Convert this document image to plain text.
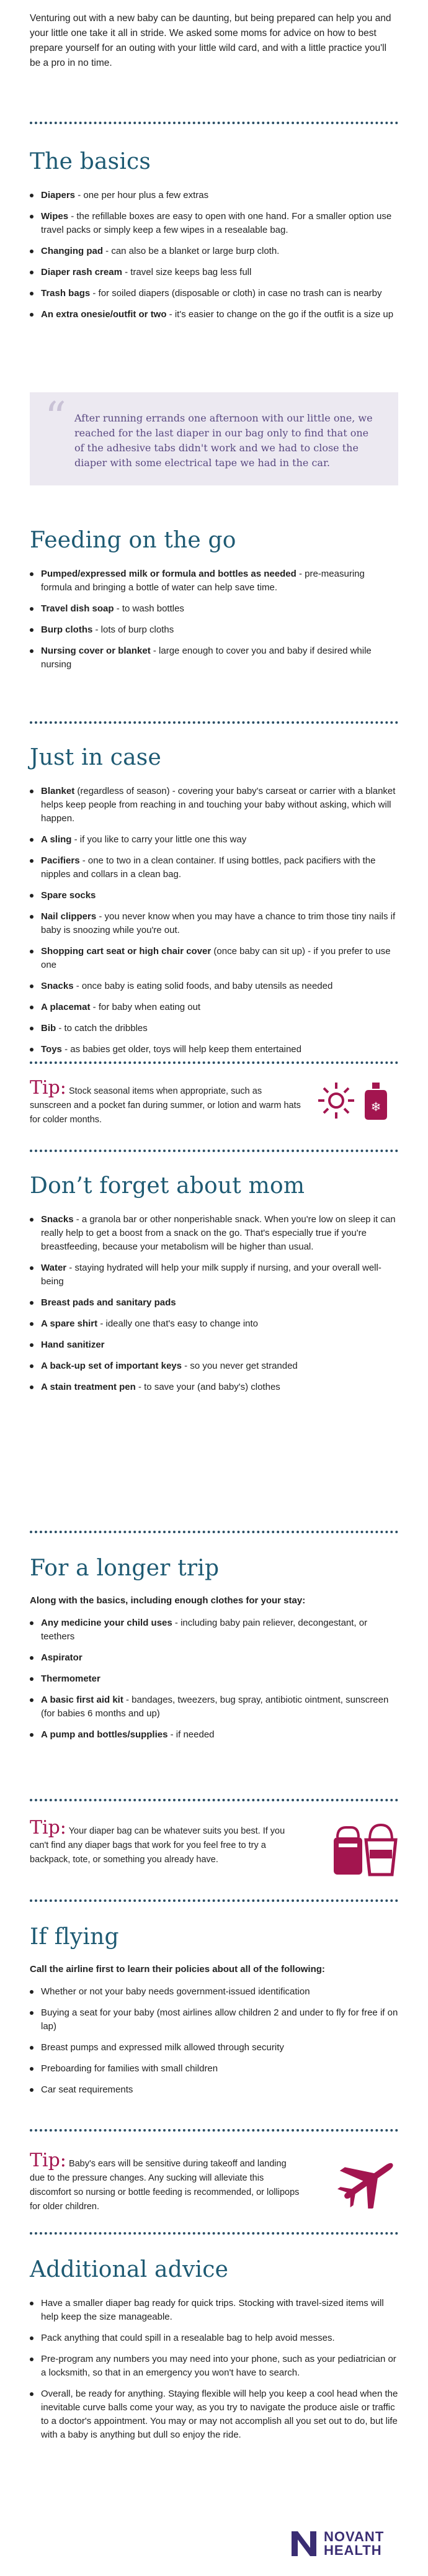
Venturing out with a new baby can be daunting, but being prepared can help you and your little one take it all in stride. We asked some moms for advice on how to best prepare yourself for an outing with your little wild card, and with a little practice you'll be a pro in no time.

The basics
Diapers - one per hour plus a few extras
Wipes - the refillable boxes are easy to open with one hand. For a smaller option use travel packs or simply keep a few wipes in a resealable bag.
Changing pad - can also be a blanket or large burp cloth.
Diaper rash cream - travel size keeps bag less full
Trash bags - for soiled diapers (disposable or cloth) in case no trash can is nearby
An extra onesie/outfit or two - it's easier to change on the go if the outfit is a size up
“ After running errands one afternoon with our little one, we reached for the last diaper in our bag only to find that one of the adhesive tabs didn't work and we had to close the diaper with some electrical tape we had in the car.

Feeding on the go
Pumped/expressed milk or formula and bottles as needed - pre-measuring formula and bringing a bottle of water can help save time.
Travel dish soap - to wash bottles
Burp cloths - lots of burp cloths
Nursing cover or blanket - large enough to cover you and baby if desired while nursing
Just in case
Blanket (regardless of season) - covering your baby's carseat or carrier with a blanket helps keep people from reaching in and touching your baby without asking, which will happen.
A sling - if you like to carry your little one this way
Pacifiers - one to two in a clean container. If using bottles, pack pacifiers with the nipples and collars in a clean bag.
Spare socks
Nail clippers - you never know when you may have a chance to trim those tiny nails if baby is snoozing while you're out.
Shopping cart seat or high chair cover (once baby can sit up) - if you prefer to use one
Snacks - once baby is eating solid foods, and baby utensils as needed
A placemat - for baby when eating out
Bib - to catch the dribbles
Toys - as babies get older, toys will help keep them entertained

Tip: Stock seasonal items when appropriate, such as sunscreen and a pocket fan during summer, or lotion and warm hats for colder months.

❄
Don’t forget about mom
Snacks - a granola bar or other nonperishable snack. When you're low on sleep it can really help to get a boost from a snack on the go. That's especially true if you're breastfeeding, because your metabolism will be higher than usual.
Water - staying hydrated will help your milk supply if nursing, and your overall well-being
Breast pads and sanitary pads
A spare shirt - ideally one that's easy to change into
Hand sanitizer
A back-up set of important keys - so you never get stranded
A stain treatment pen - to save your (and baby's) clothes
For a longer trip

Along with the basics, including enough clothes for your stay:

Any medicine your child uses - including baby pain reliever, decongestant, or teethers
Aspirator
Thermometer
A basic first aid kit - bandages, tweezers, bug spray, antibiotic ointment, sunscreen (for babies 6 months and up)
A pump and bottles/supplies - if needed

Tip: Your diaper bag can be whatever suits you best. If you can't find any diaper bags that work for you feel free to try a backpack, tote, or something you already have.

If flying

Call the airline first to learn their policies about all of the following:

Whether or not your baby needs government-issued identification
Buying a seat for your baby (most airlines allow children 2 and under to fly for free if on lap)
Breast pumps and expressed milk allowed through security
Preboarding for families with small children
Car seat requirements

Tip: Baby's ears will be sensitive during takeoff and landing due to the pressure changes. Any sucking will alleviate this discomfort so nursing or bottle feeding is recommended, or lollipops for older children.

Additional advice
Have a smaller diaper bag ready for quick trips. Stocking with travel-sized items will help keep the size manageable.
Pack anything that could spill in a resealable bag to help avoid messes.
Pre-program any numbers you may need into your phone, such as your pediatrician or a locksmith, so that in an emergency you won't have to search.
Overall, be ready for anything. Staying flexible will help you keep a cool head when the inevitable curve balls come your way, as you try to navigate the produce aisle or traffic to a doctor's appointment. You may or may not accomplish all you set out to do, but life with a baby is anything but dull so enjoy the ride.
NOVANT
HEALTH
